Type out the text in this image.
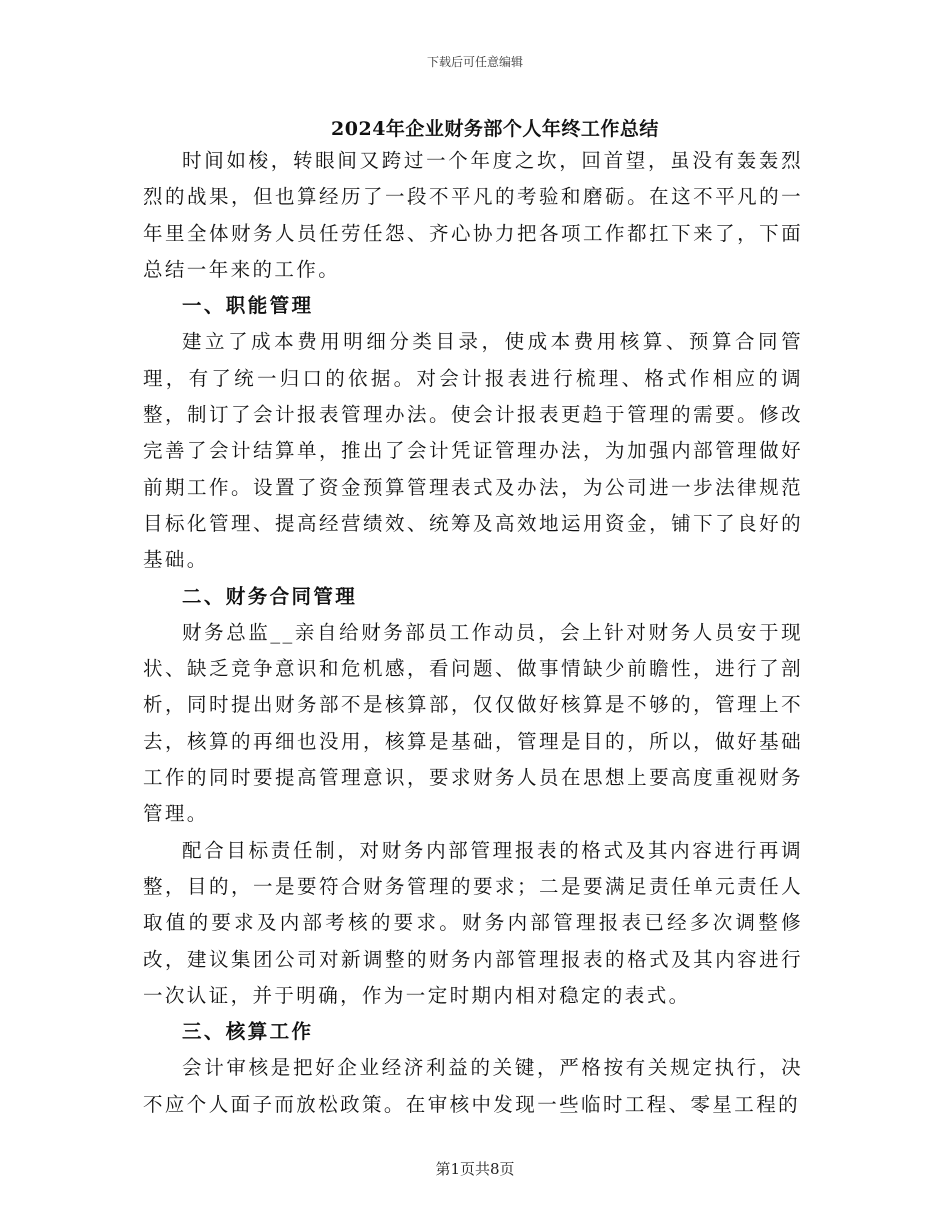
下载后可任意编辑
2024年企业财务部个人年终工作总结

时间如梭，转眼间又跨过一个年度之坎，回首望，虽没有轰轰烈烈的战果，但也算经历了一段不平凡的考验和磨砺。在这不平凡的一年里全体财务人员任劳任怨、齐心协力把各项工作都扛下来了，下面总结一年来的工作。

一、职能管理

建立了成本费用明细分类目录，使成本费用核算、预算合同管理，有了统一归口的依据。对会计报表进行梳理、格式作相应的调整，制订了会计报表管理办法。使会计报表更趋于管理的需要。修改完善了会计结算单，推出了会计凭证管理办法，为加强内部管理做好前期工作。设置了资金预算管理表式及办法，为公司进一步法律规范目标化管理、提高经营绩效、统筹及高效地运用资金，铺下了良好的基础。

二、财务合同管理

财务总监__亲自给财务部员工作动员，会上针对财务人员安于现状、缺乏竞争意识和危机感，看问题、做事情缺少前瞻性，进行了剖析，同时提出财务部不是核算部，仅仅做好核算是不够的，管理上不去，核算的再细也没用，核算是基础，管理是目的，所以，做好基础工作的同时要提高管理意识，要求财务人员在思想上要高度重视财务管理。

配合目标责任制，对财务内部管理报表的格式及其内容进行再调整，目的，一是要符合财务管理的要求；二是要满足责任单元责任人取值的要求及内部考核的要求。财务内部管理报表已经多次调整修改，建议集团公司对新调整的财务内部管理报表的格式及其内容进行一次认证，并于明确，作为一定时期内相对稳定的表式。

三、核算工作

会计审核是把好企业经济利益的关键，严格按有关规定执行，决不应个人面子而放松政策。在审核中发现一些临时工程、零星工程的

第1页共8页
